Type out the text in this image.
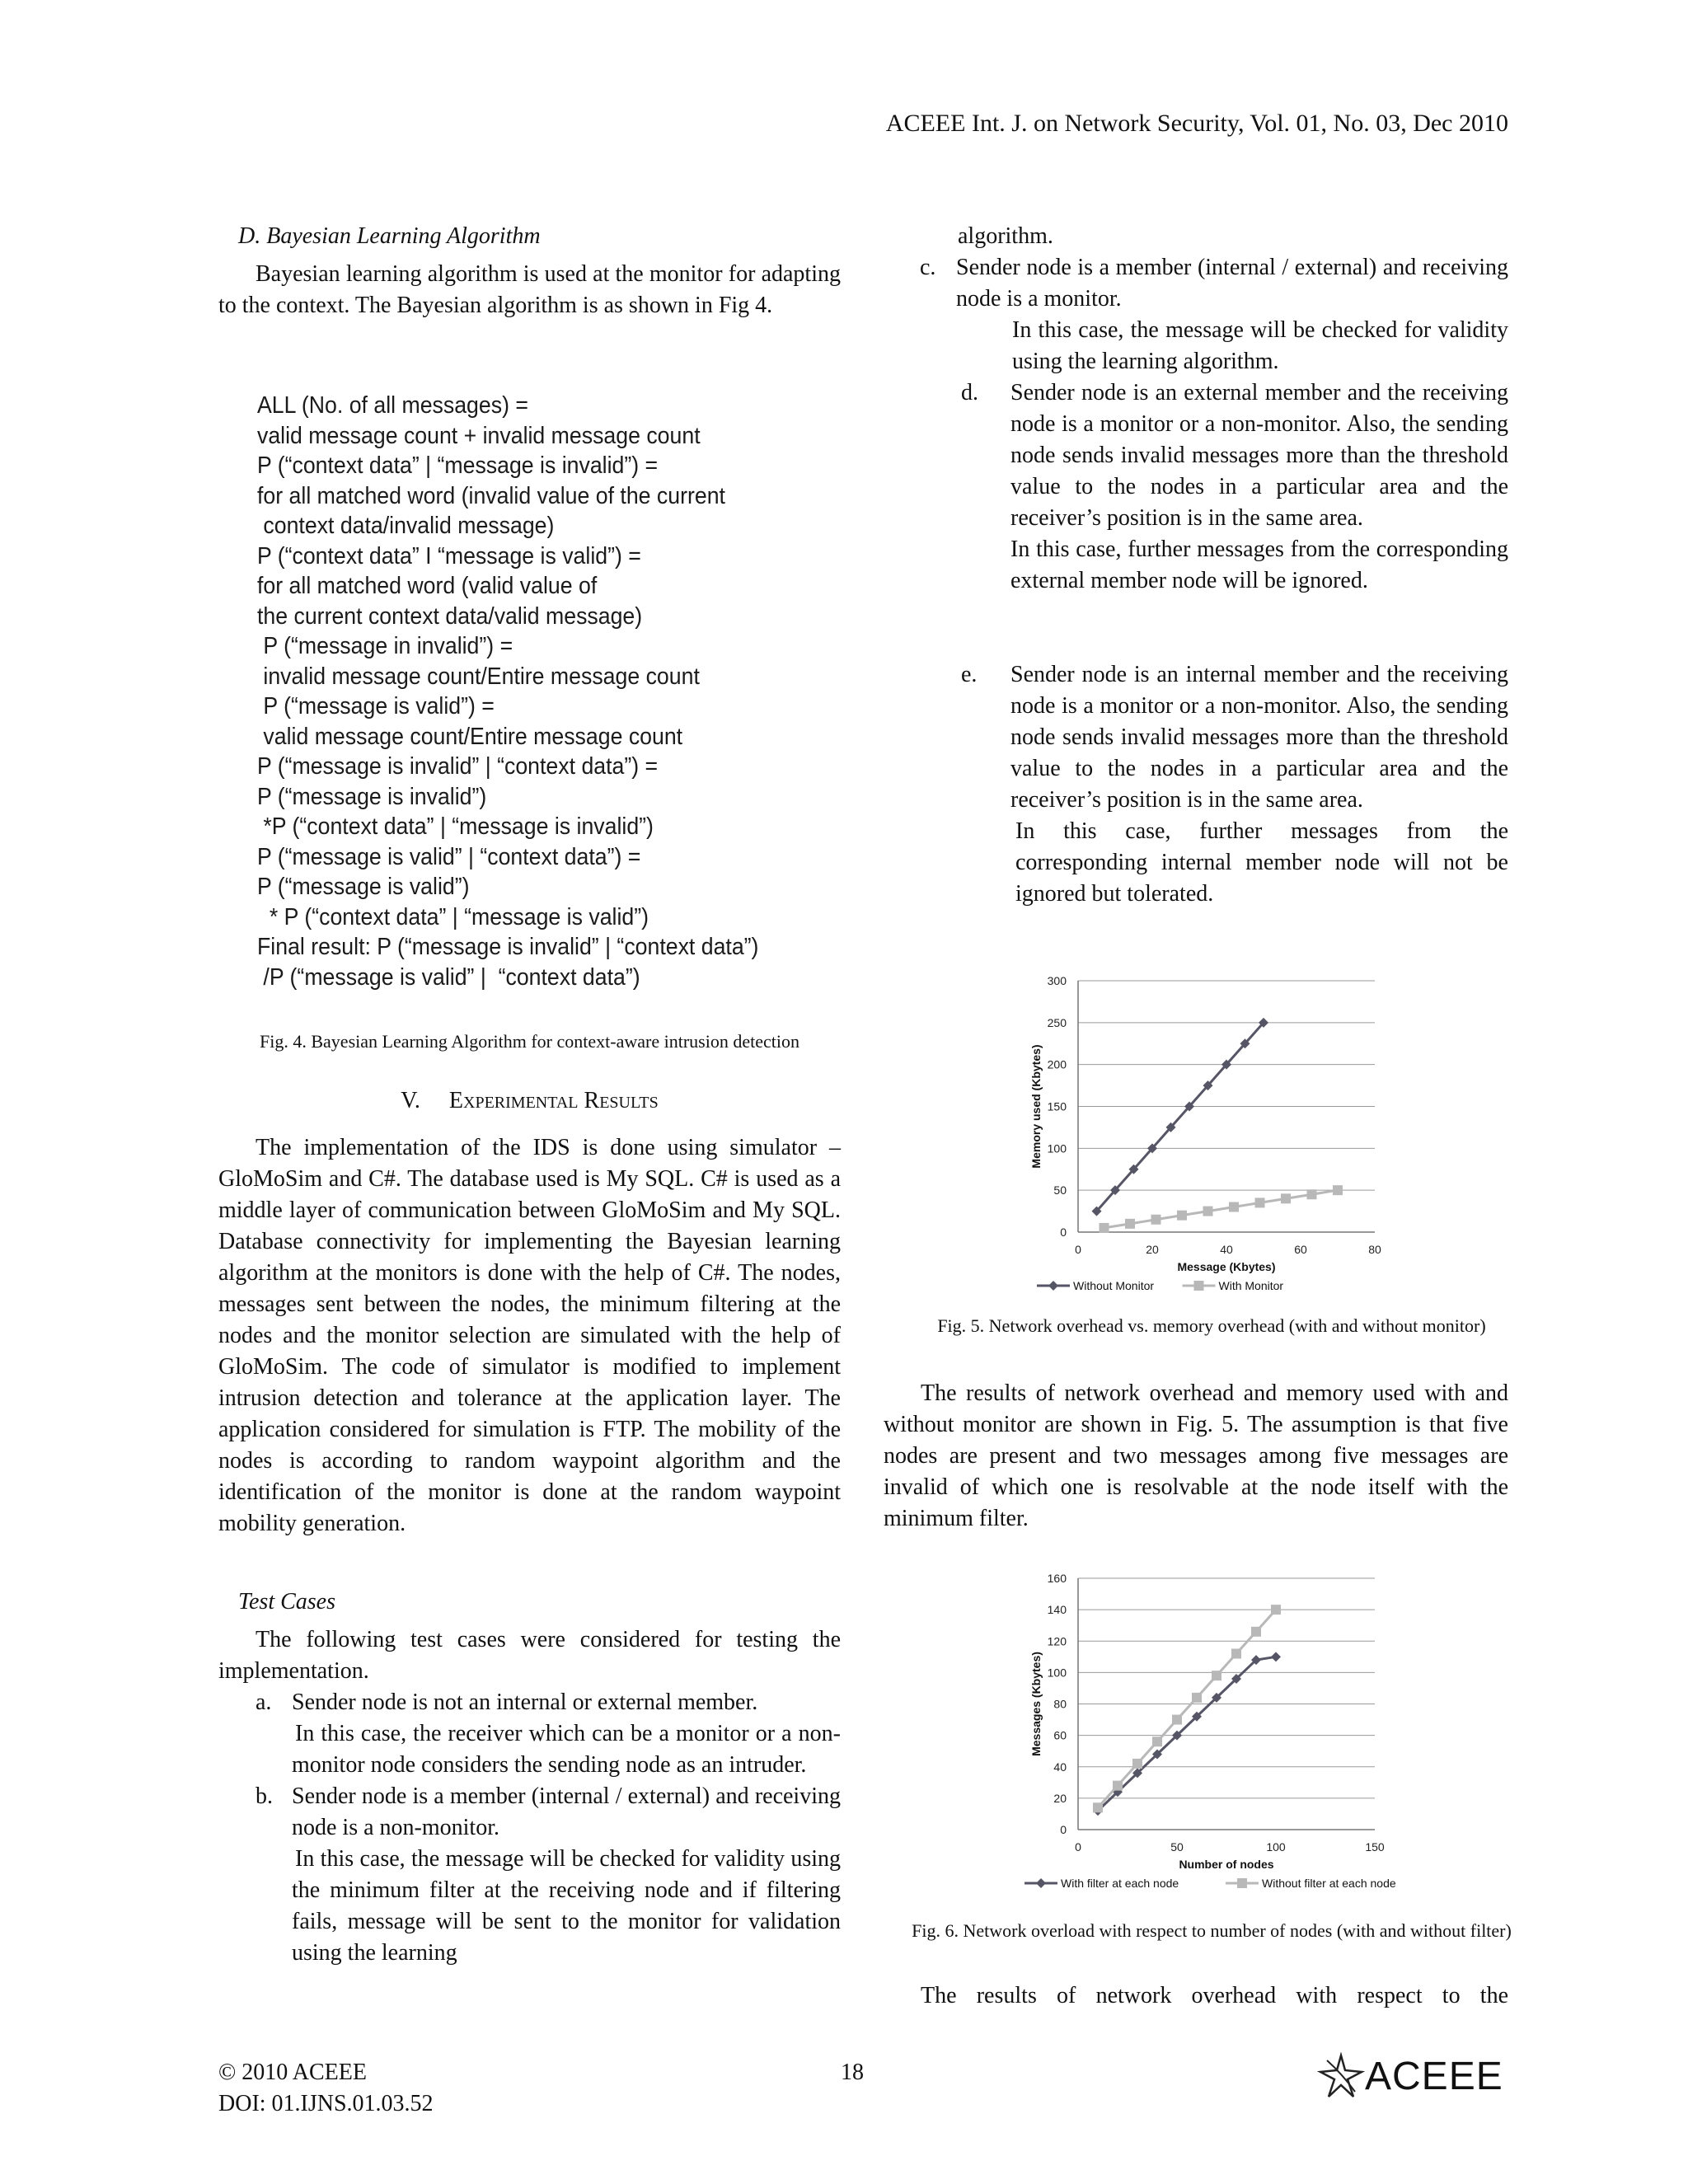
ACEEE Int. J. on Network Security, Vol. 01, No. 03, Dec 2010
D. Bayesian Learning Algorithm
Bayesian learning algorithm is used at the monitor for adapting to the context. The Bayesian algorithm is as shown in Fig 4.
ALL (No. of all messages) =
valid message count + invalid message count
P (“context data” | “message is invalid”) =
for all matched word (invalid value of the current
context data/invalid message)
P (“context data” I “message is valid”) =
for all matched word (valid value of
the current context data/valid message)
P (“message in invalid”) =
invalid message count/Entire message count
P (“message is valid”) =
valid message count/Entire message count
P (“message is invalid” | “context data”) =
P (“message is invalid”)
*P (“context data” | “message is invalid”)
P (“message is valid” | “context data”) =
P (“message is valid”)
* P (“context data” | “message is valid”)
Final result: P (“message is invalid” | “context data”)
/P (“message is valid” |  “context data”)
Fig. 4. Bayesian Learning Algorithm for context-aware intrusion detection
V. Experimental Results
The implementation of the IDS is done using simulator – GloMoSim and C#. The database used is My SQL. C# is used as a middle layer of communication between GloMoSim and My SQL. Database connectivity for implementing the Bayesian learning algorithm at the monitors is done with the help of C#. The nodes, messages sent between the nodes, the minimum filtering at the nodes and the monitor selection are simulated with the help of GloMoSim. The code of simulator is modified to implement intrusion detection and tolerance at the application layer. The application considered for simulation is FTP. The mobility of the nodes is according to random waypoint algorithm and the identification of the monitor is done at the random waypoint mobility generation.
Test Cases
The following test cases were considered for testing the implementation.
a. Sender node is not an internal or external member.
In this case, the receiver which can be a monitor or a non-monitor node considers the sending node as an intruder.
b. Sender node is a member (internal / external) and receiving node is a non-monitor.
In this case, the message will be checked for validity using the minimum filter at the receiving node and if filtering fails, message will be sent to the monitor for validation using the learning
algorithm.
c. Sender node is a member (internal / external) and receiving node is a monitor.
In this case, the message will be checked for validity using the learning algorithm.
d.	Sender node is an external member and the receiving node is a monitor or a non-monitor. Also, the sending node sends invalid messages more than the threshold value to the nodes in a particular area and the receiver’s position is in the same area.
In this case, further messages from the corresponding external member node will be ignored.
e.	Sender node is an internal member and the receiving node is a monitor or a non-monitor. Also, the sending node sends invalid messages more than the threshold value to the nodes in a particular area and the receiver’s position is in the same area.
In this case, further messages from the corresponding internal member node will not be ignored but tolerated.
0
50
100
150
200
250
300
0	20	40	60	80
Message (Kbytes)
Memory used (Kbytes)
Without Monitor	With Monitor
Fig. 5. Network overhead vs. memory overhead (with and without monitor)
The results of network overhead and memory used with and without monitor are shown in Fig. 5. The assumption is that five nodes are present and two messages among five messages are invalid of which one is resolvable at the node itself with the minimum filter.
0
20
40
60
80
100
120
140
160
0	50	100	150
Number of nodes
Messages (Kbytes)
With filter at each node	Without filter at each node
Fig. 6. Network overload with respect to number of nodes (with and without filter)
The results of network overhead with respect to the
© 2010 ACEEE
DOI: 01.IJNS.01.03.52
18	ACEEE
